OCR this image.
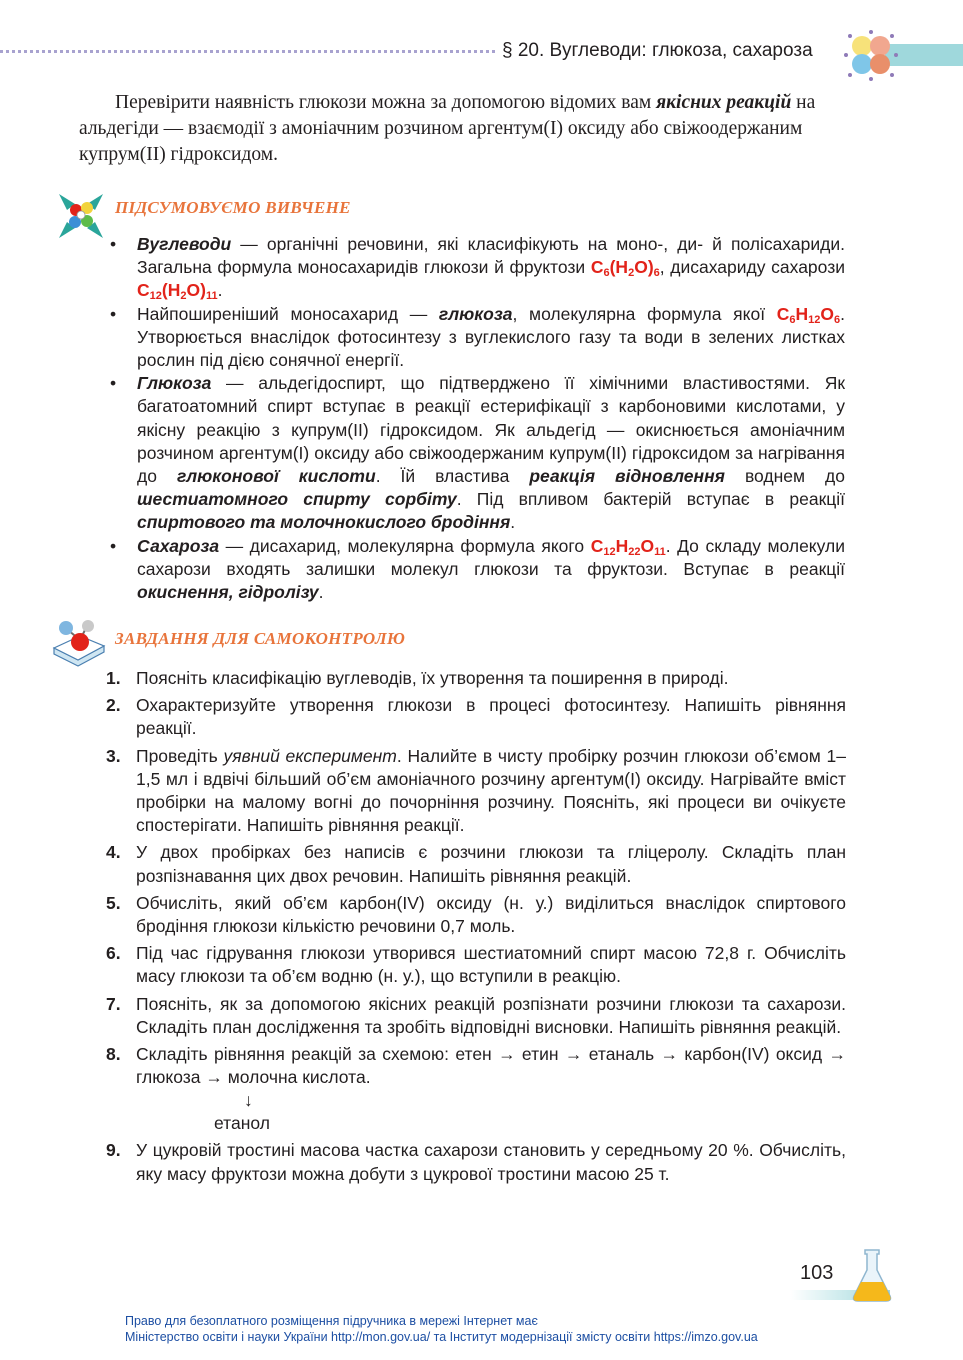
§ 20. Вуглеводи: глюкоза, сахароза

Перевірити наявність глюкози можна за допомогою відомих вам якісних реакцій на альдегіди — взаємодії з амоніачним розчином аргентум(І) оксиду або свіжоодержаним купрум(ІІ) гідроксидом.

ПІДСУМОВУЄМО ВИВЧЕНЕ
• Вуглеводи — органічні речовини, які класифікують на моно-, ди- й полісахариди. Загальна формула моносахаридів глюкози й фруктози $C_6(H_2O)_6$, дисахариду сахарози $C_{12}(H_2O)_{11}$.
• Найпоширеніший моносахарид — глюкоза, молекулярна формула якої $C_6H_{12}O_6$. Утворюється внаслідок фотосинтезу з вуглекислого газу та води в зелених листках рослин під дією сонячної енергії.
• Глюкоза — альдегідоспирт, що підтверджено її хімічними властивостями. Як багатоатомний спирт вступає в реакції естерифікації з карбоновими кислотами, у якісну реакцію з купрум(ІІ) гідроксидом. Як альдегід — окиснюється амоніачним розчином аргентум(І) оксиду або свіжоодержаним купрум(ІІ) гідроксидом за нагрівання до глюконової кислоти. Їй властива реакція відновлення воднем до шестиатомного спирту сорбіту. Під впливом бактерій вступає в реакції спиртового та молочнокислого бродіння.
• Сахароза — дисахарид, молекулярна формула якого $C_{12}H_{22}O_{11}$. До складу молекули сахарози входять залишки молекул глюкози та фруктози. Вступає в реакції окиснення, гідролізу.
ЗАВДАННЯ ДЛЯ САМОКОНТРОЛЮ
1. Поясніть класифікацію вуглеводів, їх утворення та поширення в природі.
2. Охарактеризуйте утворення глюкози в процесі фотосинтезу. Напишіть рівняння реакції.
3. Проведіть уявний експеримент. Налийте в чисту пробірку розчин глюкози об’ємом 1–1,5 мл і вдвічі більший об’єм амоніачного розчину аргентум(І) оксиду. Нагрівайте вміст пробірки на малому вогні до почорніння розчину. Поясніть, які процеси ви очікуєте спостерігати. Напишіть рівняння реакції.
4. У двох пробірках без написів є розчини глюкози та гліцеролу. Складіть план розпізнавання цих двох речовин. Напишіть рівняння реакцій.
5. Обчисліть, який об’єм карбон(IV) оксиду (н. у.) виділиться внаслідок спиртового бродіння глюкози кількістю речовини 0,7 моль.
6. Під час гідрування глюкози утворився шестиатомний спирт масою 72,8 г. Обчисліть масу глюкози та об’єм водню (н. у.), що вступили в реакцію.
7. Поясніть, як за допомогою якісних реакцій розпізнати розчини глюкози та сахарози. Складіть план дослідження та зробіть відповідні висновки. Напишіть рівняння реакцій.
8. Складіть рівняння реакцій за схемою: етен → етин → етаналь → карбон(IV) оксид → глюкоза → молочна кислота.
↓
етанол
9. У цукровій тростині масова частка сахарози становить у середньому 20 %. Обчисліть, яку масу фруктози можна добути з цукрової тростини масою 25 т.
103
Право для безоплатного розміщення підручника в мережі Інтернет має
Міністерство освіти і науки України http://mon.gov.ua/ та Інститут модернізації змісту освіти https://imzo.gov.ua
